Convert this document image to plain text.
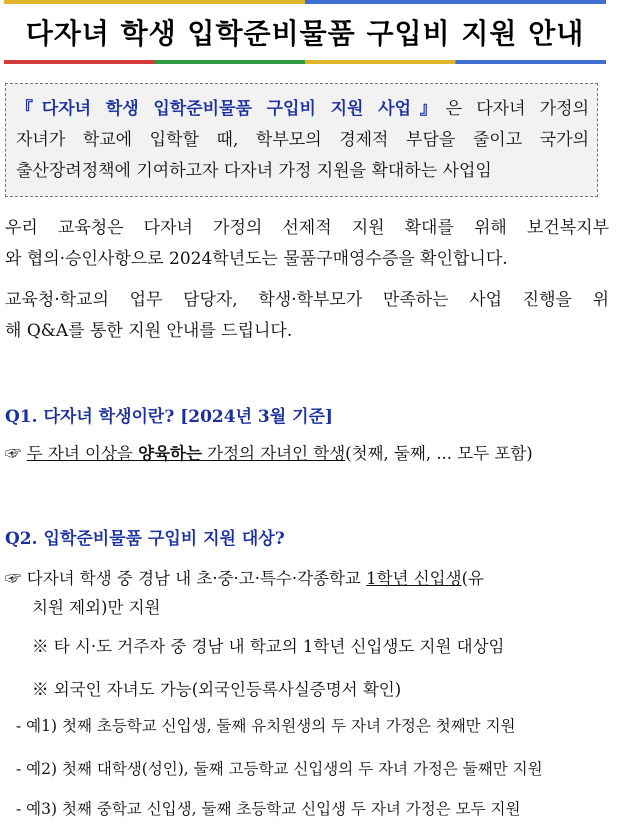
다자녀 학생 입학준비물품 구입비 지원 안내
『다자녀 학생 입학준비물품 구입비 지원 사업』은 다자녀 가정의
자녀가 학교에 입학할 때, 학부모의 경제적 부담을 줄이고 국가의
출산장려정책에 기여하고자 다자녀 가정 지원을 확대하는 사업임
우리 교육청은 다자녀 가정의 선제적 지원 확대를 위해 보건복지부
와 협의·승인사항으로 2024학년도는 물품구매영수증을 확인합니다.
교육청·학교의 업무 담당자, 학생·학부모가 만족하는 사업 진행을 위
해 Q&A를 통한 지원 안내를 드립니다.
Q1. 다자녀 학생이란? [2024년 3월 기준]
☞ 두 자녀 이상을 양육하는 가정의 자녀인 학생(첫째, 둘째, ... 모두 포함)
Q2. 입학준비물품 구입비 지원 대상?
☞ 다자녀 학생 중 경남 내 초·중·고·특수·각종학교 1학년 신입생(유
치원 제외)만 지원
※ 타 시·도 거주자 중 경남 내 학교의 1학년 신입생도 지원 대상임
※ 외국인 자녀도 가능(외국인등록사실증명서 확인)
- 예1) 첫째 초등학교 신입생, 둘째 유치원생의 두 자녀 가정은 첫째만 지원
- 예2) 첫째 대학생(성인), 둘째 고등학교 신입생의 두 자녀 가정은 둘째만 지원
- 예3) 첫째 중학교 신입생, 둘째 초등학교 신입생 두 자녀 가정은 모두 지원
